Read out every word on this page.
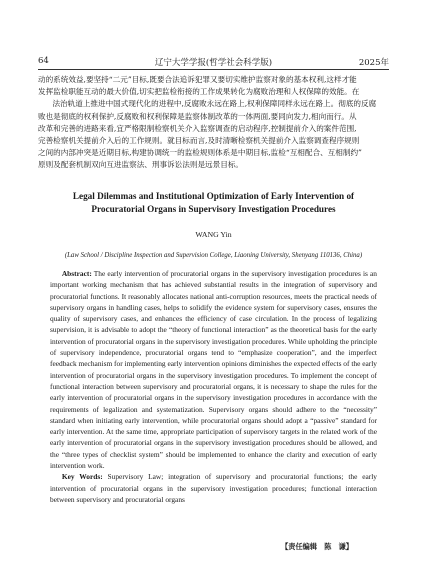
64	辽宁大学学报(哲学社会科学版)	2025年

动的系统效益,要坚持“二元”目标,既要合法追诉犯罪又要切实维护监察对象的基本权利,这样才能

发挥监检职能互动的最大价值,切实把监检衔接的工作成果转化为腐败治理和人权保障的效能。在

法治轨道上推进中国式现代化的进程中,反腐败永远在路上,权利保障同样永远在路上。彻底的反腐

败也是彻底的权利保护,反腐败和权利保障是监察体制改革的一体两面,要同向发力,相向而行。从

改革和完善的进路来看,宜严格限制检察机关介入监察调查的启动程序,控制提前介入的案件范围,

完善检察机关提前介入后的工作规则。就目标而言,及时清晰检察机关提前介入监察调查程序规则

之间的内部冲突是近期目标,构建协调统一的监检规则体系是中期目标,监检“互相配合、互相制约”

原则及配套机制双向互进监察法、刑事诉讼法则是远景目标。

Legal Dilemmas and Institutional Optimization of Early Intervention of Procuratorial Organs in Supervisory Investigation Procedures
WANG Yin
(Law School / Discipline Inspection and Supervision College, Liaoning University, Shenyang 110136, China)

Abstract: The early intervention of procuratorial organs in the supervisory investigation procedures is an important working mechanism that has achieved substantial results in the integration of supervisory and procuratorial functions. It reasonably allocates national anti-corruption resources, meets the practical needs of supervisory organs in handling cases, helps to solidify the evidence system for supervisory cases, ensures the quality of supervisory cases, and enhances the efficiency of case circulation. In the process of legalizing supervision, it is advisable to adopt the “theory of functional interaction” as the theoretical basis for the early intervention of procuratorial organs in the supervisory investigation procedures. While upholding the principle of supervisory independence, procuratorial organs tend to “emphasize cooperation”, and the imperfect feedback mechanism for implementing early intervention opinions diminishes the expected effects of the early intervention of procuratorial organs in the supervisory investigation procedures. To implement the concept of functional interaction between supervisory and procuratorial organs, it is necessary to shape the rules for the early intervention of procuratorial organs in the supervisory investigation procedures in accordance with the requirements of legalization and systematization. Supervisory organs should adhere to the “necessity” standard when initiating early intervention, while procuratorial organs should adopt a “passive” standard for early intervention. At the same time, appropriate participation of supervisory targets in the related work of the early intervention of procuratorial organs in the supervisory investigation procedures should be allowed, and the “three types of checklist system” should be implemented to enhance the clarity and execution of early intervention work.

Key Words: Supervisory Law; integration of supervisory and procuratorial functions; the early intervention of procuratorial organs in the supervisory investigation procedures; functional interaction between supervisory and procuratorial organs

【责任编辑　陈　谦】
